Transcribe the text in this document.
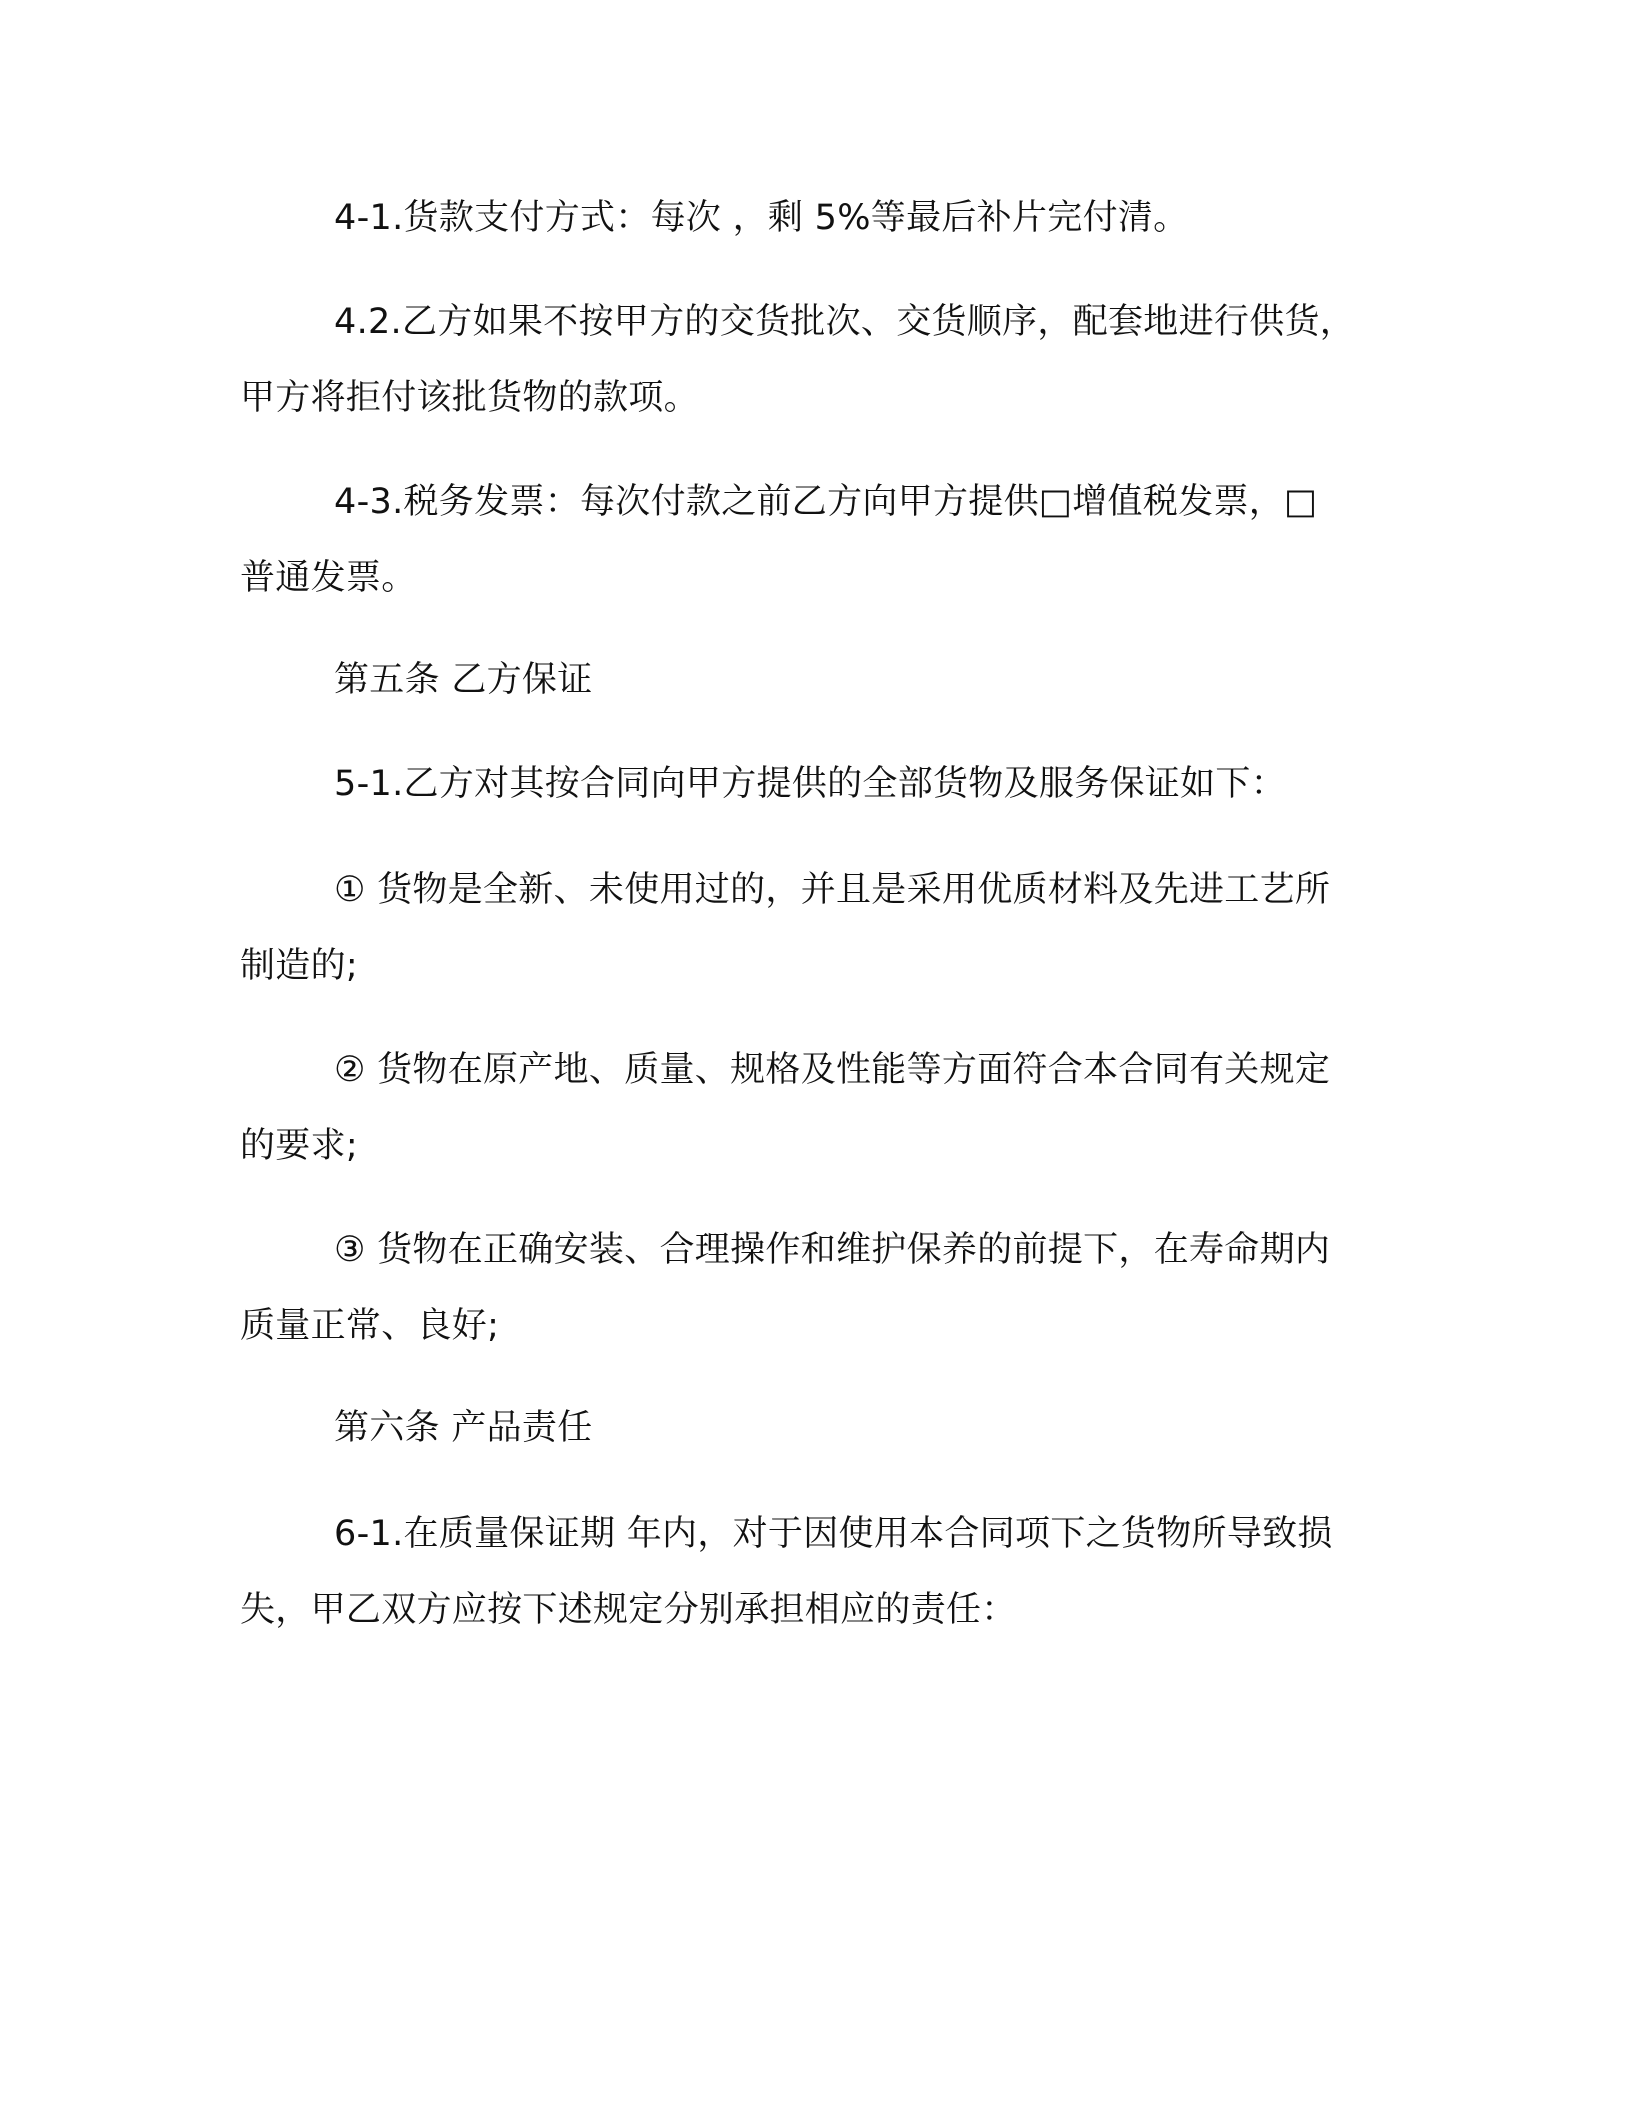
4-1.货款支付方式：每次 ，剩 5%等最后补片完付清。

4.2.乙方如果不按甲方的交货批次、交货顺序，配套地进行供货，
甲方将拒付该批货物的款项。

4-3.税务发票：每次付款之前乙方向甲方提供□增值税发票，□
普通发票。

第五条 乙方保证

5-1.乙方对其按合同向甲方提供的全部货物及服务保证如下：

① 货物是全新、未使用过的，并且是采用优质材料及先进工艺所
制造的;

② 货物在原产地、质量、规格及性能等方面符合本合同有关规定
的要求;

③ 货物在正确安装、合理操作和维护保养的前提下，在寿命期内
质量正常、良好;

第六条 产品责任

6-1.在质量保证期 年内，对于因使用本合同项下之货物所导致损
失，甲乙双方应按下述规定分别承担相应的责任：
